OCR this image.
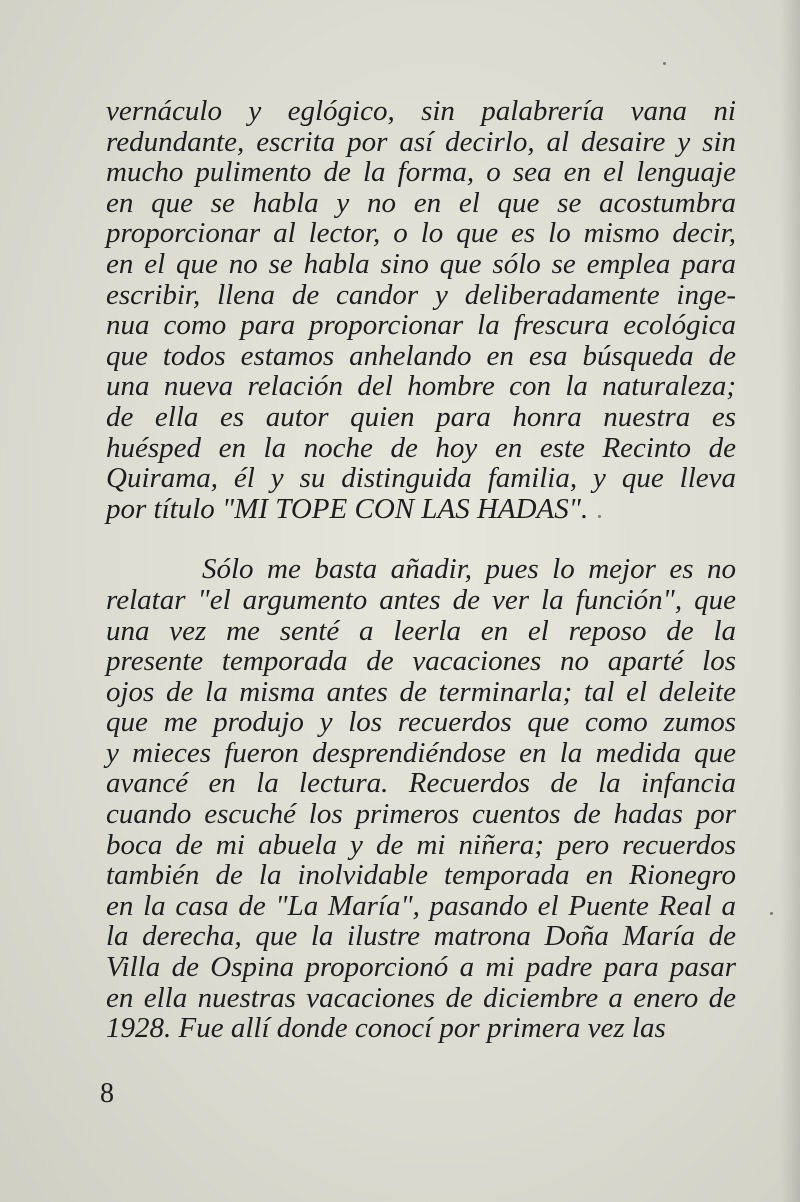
vernáculo y eglógico, sin palabrería vana ni
redundante, escrita por así decirlo, al desaire y sin
mucho pulimento de la forma, o sea en el lenguaje
en que se habla y no en el que se acostumbra
proporcionar al lector, o lo que es lo mismo decir,
en el que no se habla sino que sólo se emplea para
escribir, llena de candor y deliberadamente inge-
nua como para proporcionar la frescura ecológica
que todos estamos anhelando en esa búsqueda de
una nueva relación del hombre con la naturaleza;
de ella es autor quien para honra nuestra es
huésped en la noche de hoy en este Recinto de
Quirama, él y su distinguida familia, y que lleva
por título "MI TOPE CON LAS HADAS".
Sólo me basta añadir, pues lo mejor es no
relatar "el argumento antes de ver la función", que
una vez me senté a leerla en el reposo de la
presente temporada de vacaciones no aparté los
ojos de la misma antes de terminarla; tal el deleite
que me produjo y los recuerdos que como zumos
y mieces fueron desprendiéndose en la medida que
avancé en la lectura. Recuerdos de la infancia
cuando escuché los primeros cuentos de hadas por
boca de mi abuela y de mi niñera; pero recuerdos
también de la inolvidable temporada en Rionegro
en la casa de "La María", pasando el Puente Real a
la derecha, que la ilustre matrona Doña María de
Villa de Ospina proporcionó a mi padre para pasar
en ella nuestras vacaciones de diciembre a enero de
1928. Fue allí donde conocí por primera vez las
8
